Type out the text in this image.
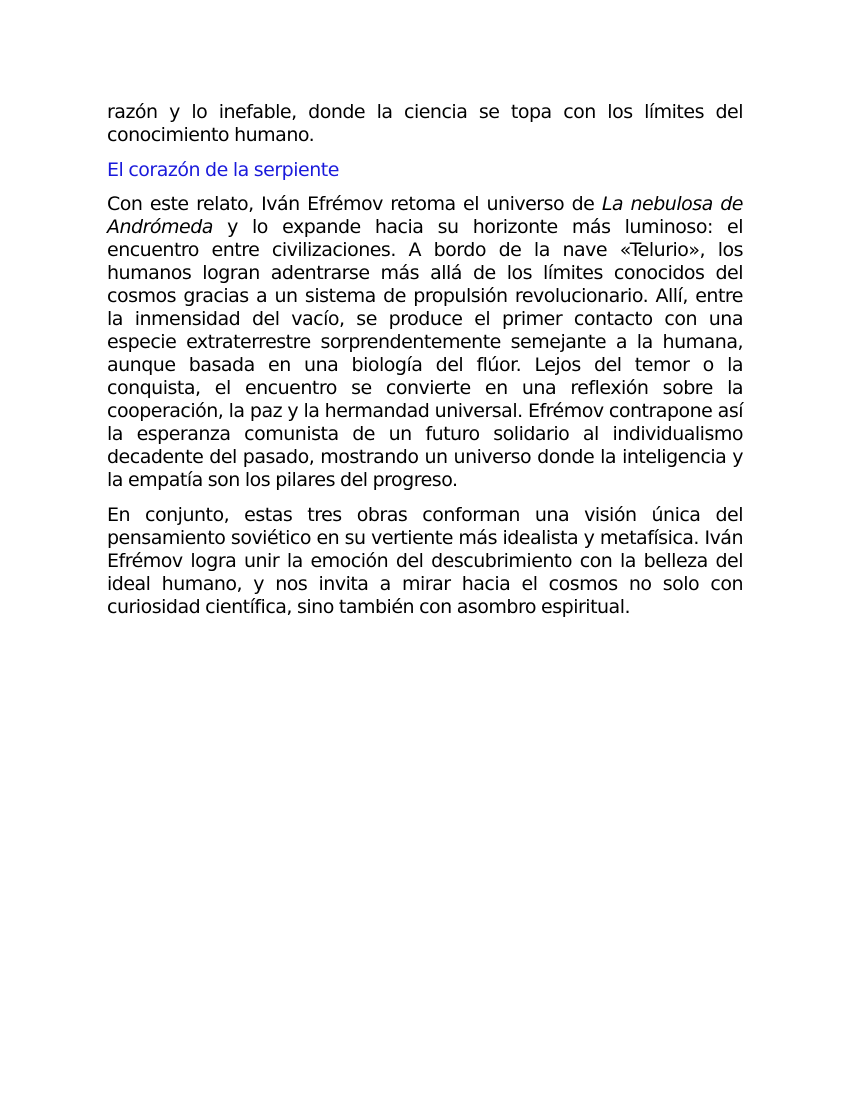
razón y lo inefable, donde la ciencia se topa con los límites del conocimiento humano.

El corazón de la serpiente

Con este relato, Iván Efrémov retoma el universo de La nebulosa de Andrómeda y lo expande hacia su horizonte más luminoso: el encuentro entre civilizaciones. A bordo de la nave «Telurio», los humanos logran adentrarse más allá de los límites conocidos del cosmos gracias a un sistema de propulsión revolucionario. Allí, entre la inmensidad del vacío, se produce el primer contacto con una especie extraterrestre sorprendentemente semejante a la humana, aunque basada en una biología del flúor. Lejos del temor o la conquista, el encuentro se convierte en una reflexión sobre la cooperación, la paz y la hermandad universal. Efrémov contrapone así la esperanza comunista de un futuro solidario al individualismo decadente del pasado, mostrando un universo donde la inteligencia y la empatía son los pilares del progreso.

En conjunto, estas tres obras conforman una visión única del pensamiento soviético en su vertiente más idealista y metafísica. Iván Efrémov logra unir la emoción del descubrimiento con la belleza del ideal humano, y nos invita a mirar hacia el cosmos no solo con curiosidad científica, sino también con asombro espiritual.
